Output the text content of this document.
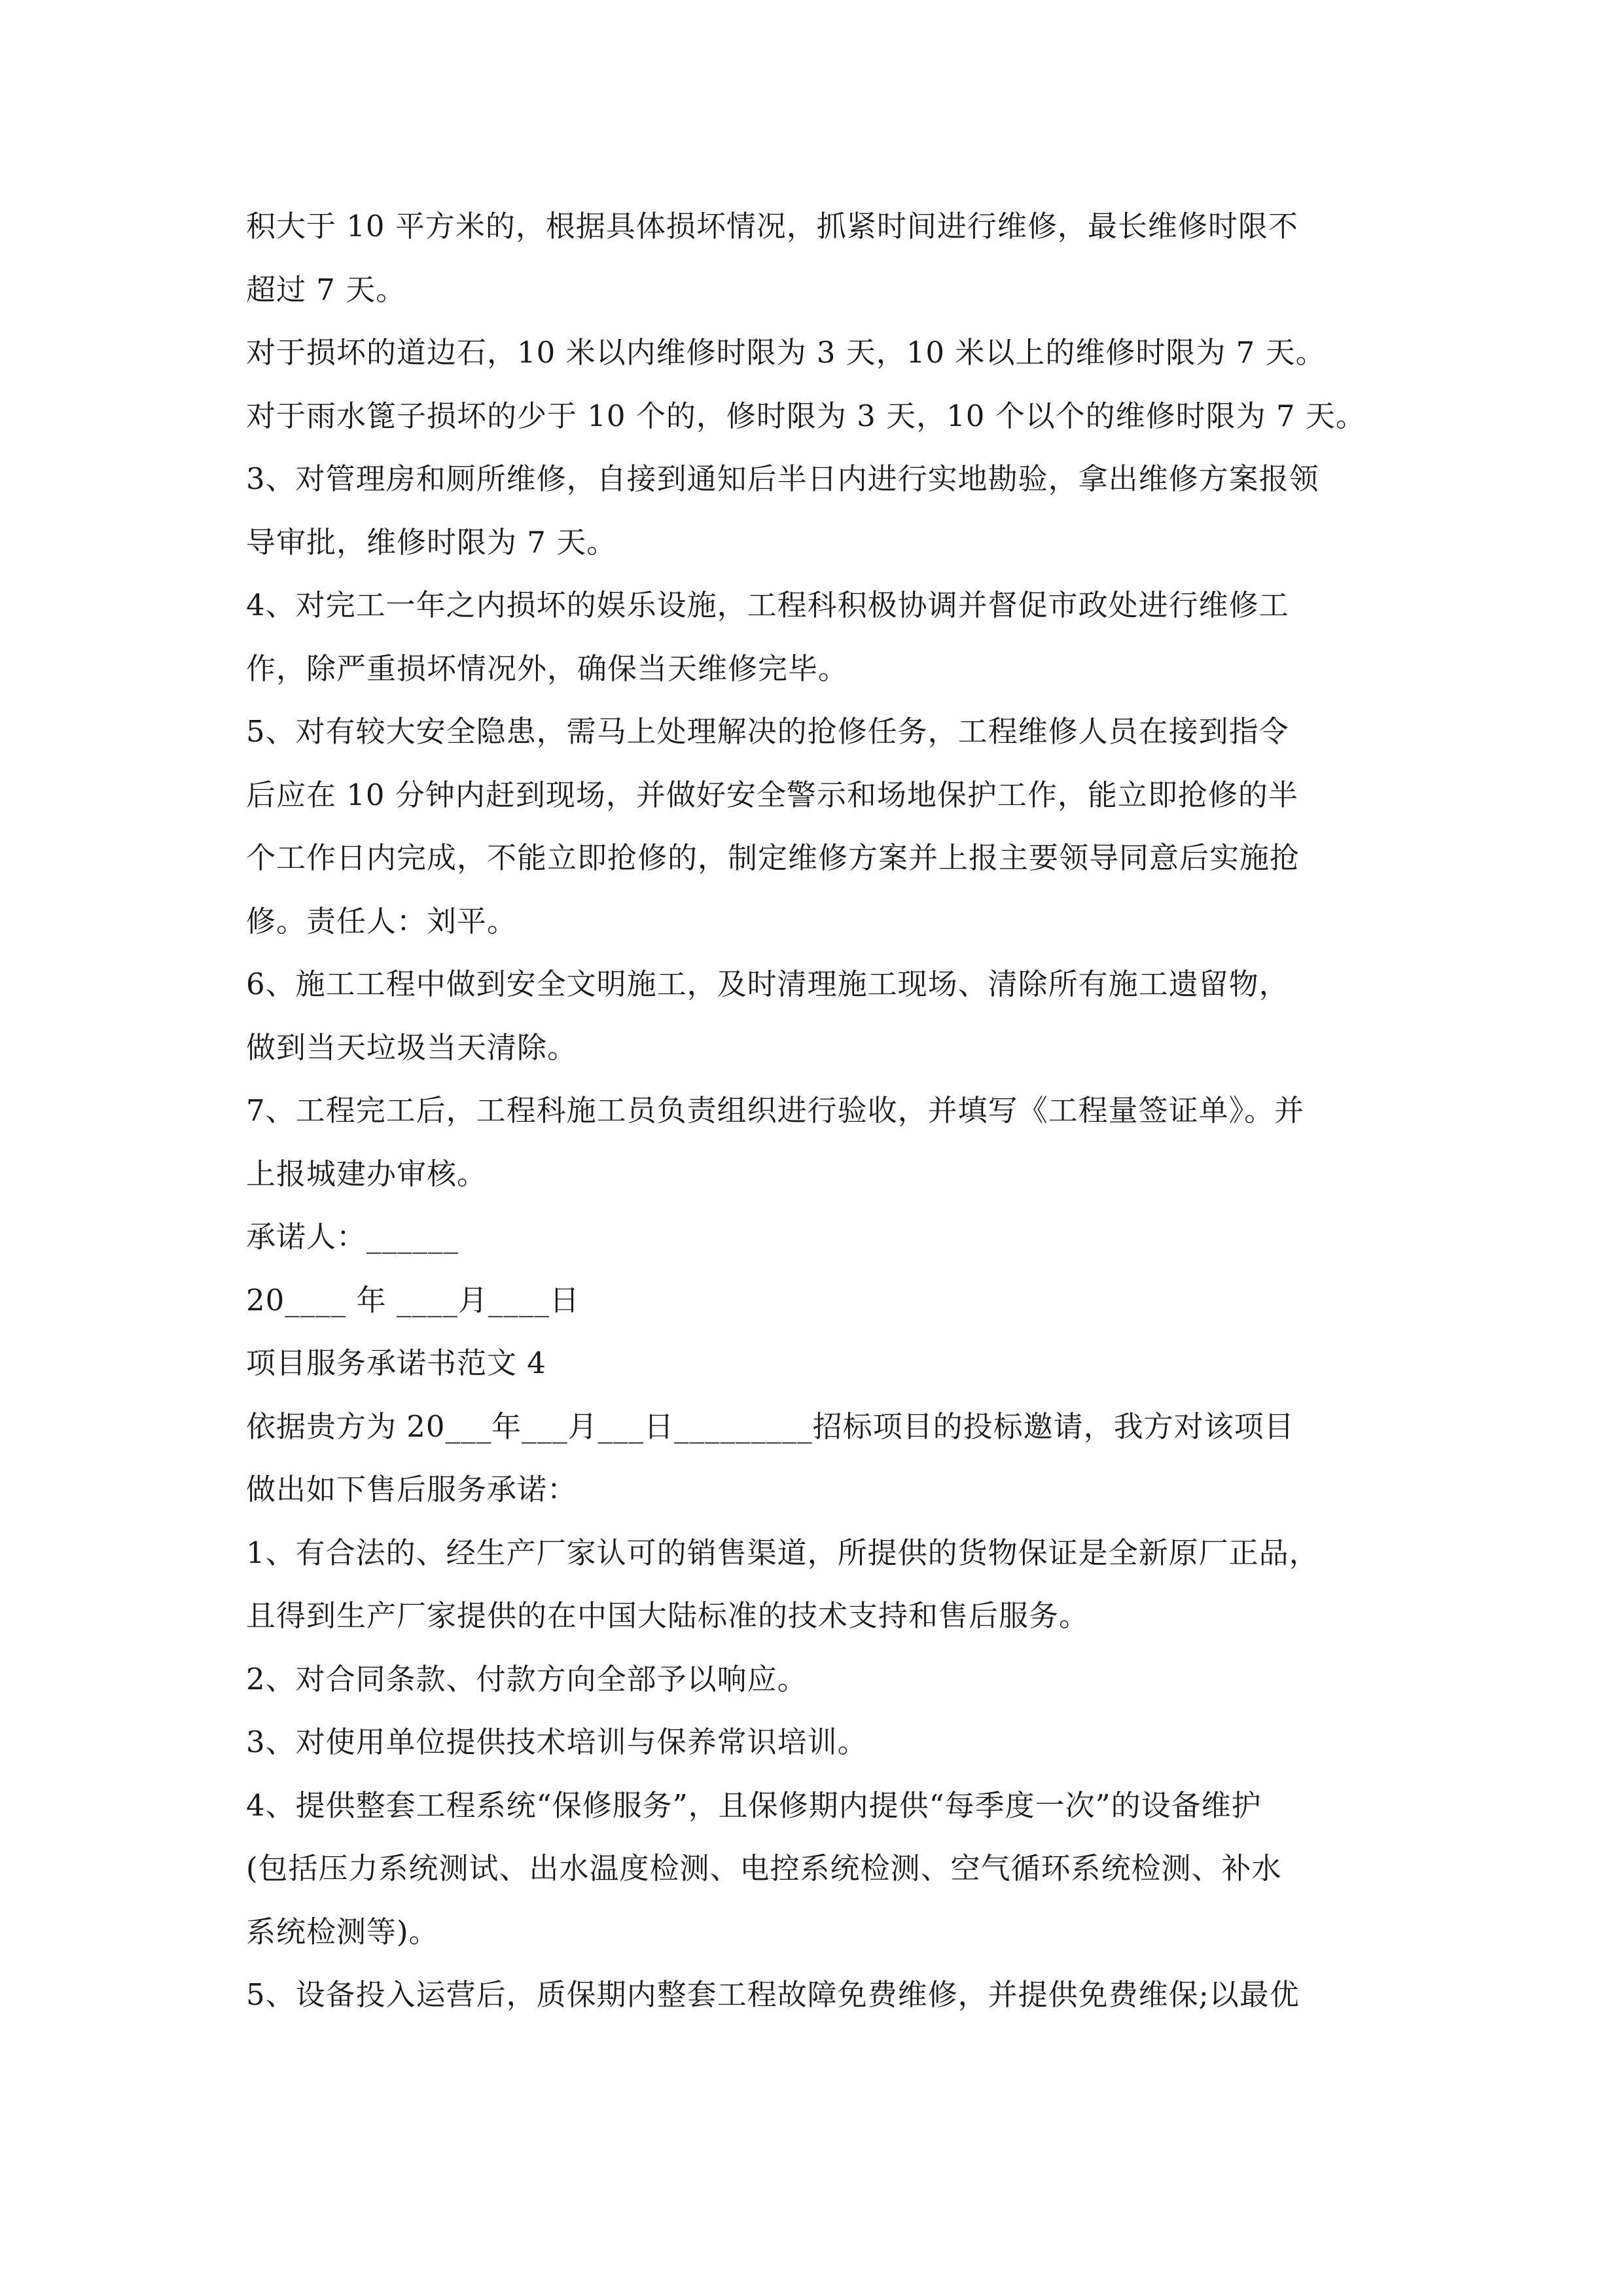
积大于 10 平方米的，根据具体损坏情况，抓紧时间进行维修，最长维修时限不
超过 7 天。
对于损坏的道边石，10 米以内维修时限为 3 天，10 米以上的维修时限为 7 天。
对于雨水篦子损坏的少于 10 个的，修时限为 3 天，10 个以个的维修时限为 7 天。
3、对管理房和厕所维修，自接到通知后半日内进行实地勘验，拿出维修方案报领
导审批，维修时限为 7 天。
4、对完工一年之内损坏的娱乐设施，工程科积极协调并督促市政处进行维修工
作，除严重损坏情况外，确保当天维修完毕。
5、对有较大安全隐患，需马上处理解决的抢修任务，工程维修人员在接到指令
后应在 10 分钟内赶到现场，并做好安全警示和场地保护工作，能立即抢修的半
个工作日内完成，不能立即抢修的，制定维修方案并上报主要领导同意后实施抢
修。责任人：刘平。
6、施工工程中做到安全文明施工，及时清理施工现场、清除所有施工遗留物，
做到当天垃圾当天清除。
7、工程完工后，工程科施工员负责组织进行验收，并填写《工程量签证单》。并
上报城建办审核。
承诺人：______
20____ 年 ____月____日
项目服务承诺书范文 4
依据贵方为 20___年___月___日_________招标项目的投标邀请，我方对该项目
做出如下售后服务承诺：
1、有合法的、经生产厂家认可的销售渠道，所提供的货物保证是全新原厂正品，
且得到生产厂家提供的在中国大陆标准的技术支持和售后服务。
2、对合同条款、付款方向全部予以响应。
3、对使用单位提供技术培训与保养常识培训。
4、提供整套工程系统“保修服务”，且保修期内提供“每季度一次”的设备维护
(包括压力系统测试、出水温度检测、电控系统检测、空气循环系统检测、补水
系统检测等)。
5、设备投入运营后，质保期内整套工程故障免费维修，并提供免费维保;以最优
